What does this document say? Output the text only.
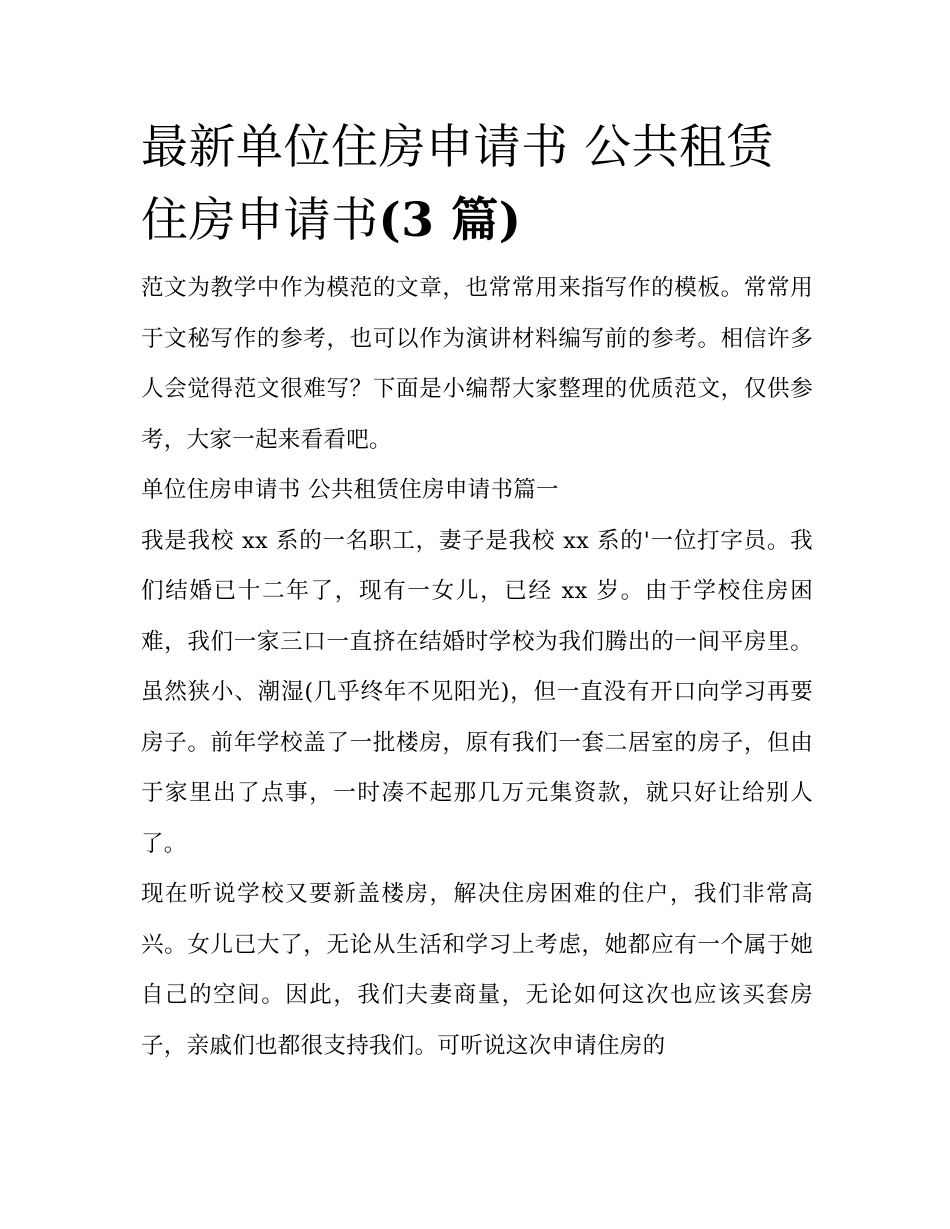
最新单位住房申请书 公共租赁住房申请书(3 篇)

范文为教学中作为模范的文章，也常常用来指写作的模板。常常用于文秘写作的参考，也可以作为演讲材料编写前的参考。相信许多人会觉得范文很难写？下面是小编帮大家整理的优质范文，仅供参考，大家一起来看看吧。

单位住房申请书 公共租赁住房申请书篇一

我是我校 xx 系的一名职工，妻子是我校 xx 系的'一位打字员。我们结婚已十二年了，现有一女儿，已经 xx 岁。由于学校住房困难，我们一家三口一直挤在结婚时学校为我们腾出的一间平房里。虽然狭小、潮湿(几乎终年不见阳光)，但一直没有开口向学习再要房子。前年学校盖了一批楼房，原有我们一套二居室的房子，但由于家里出了点事，一时凑不起那几万元集资款，就只好让给别人了。

现在听说学校又要新盖楼房，解决住房困难的住户，我们非常高兴。女儿已大了，无论从生活和学习上考虑，她都应有一个属于她自己的空间。因此，我们夫妻商量，无论如何这次也应该买套房子，亲戚们也都很支持我们。可听说这次申请住房的
